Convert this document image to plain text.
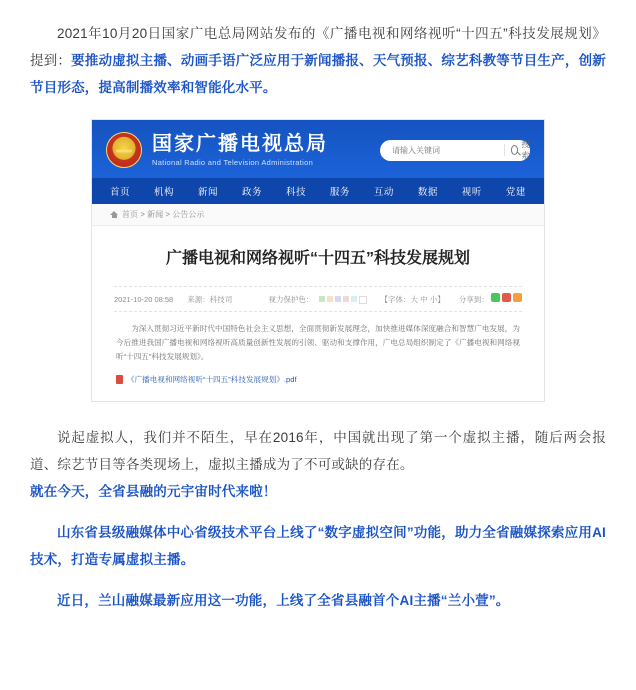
2021年10月20日国家广电总局网站发布的《广播电视和网络视听“十四五”科技发展规划》提到：要推动虚拟主播、动画手语广泛应用于新闻播报、天气预报、综艺科教等节目生产，创新节目形态，提高制播效率和智能化水平。

国家广播电视总局
National Radio and Television Administration
请输入关键词
搜索
首页	机构	新闻	政务	科技	服务	互动	数据	视听	党建
首页 > 新闻 > 公告公示
广播电视和网络视听“十四五”科技发展规划
2021-10-20 08:58 来源：科技司	视力保护色：	【字体：大 中 小】 分享到：
为深入贯彻习近平新时代中国特色社会主义思想，全面贯彻新发展理念，加快推进媒体深度融合和智慧广电发展，为今后推进我国广播电视和网络视听高质量创新性发展的引领、驱动和支撑作用，广电总局组织制定了《广播电视和网络视听“十四五”科技发展规划》。
《广播电视和网络视听“十四五”科技发展规划》.pdf

说起虚拟人，我们并不陌生，早在2016年，中国就出现了第一个虚拟主播，随后两会报道、综艺节目等各类现场上，虚拟主播成为了不可或缺的存在。

就在今天，全省县融的元宇宙时代来啦！

山东省县级融媒体中心省级技术平台上线了“数字虚拟空间”功能，助力全省融媒探索应用AI技术，打造专属虚拟主播。

近日，兰山融媒最新应用这一功能，上线了全省县融首个AI主播“兰小萱”。
